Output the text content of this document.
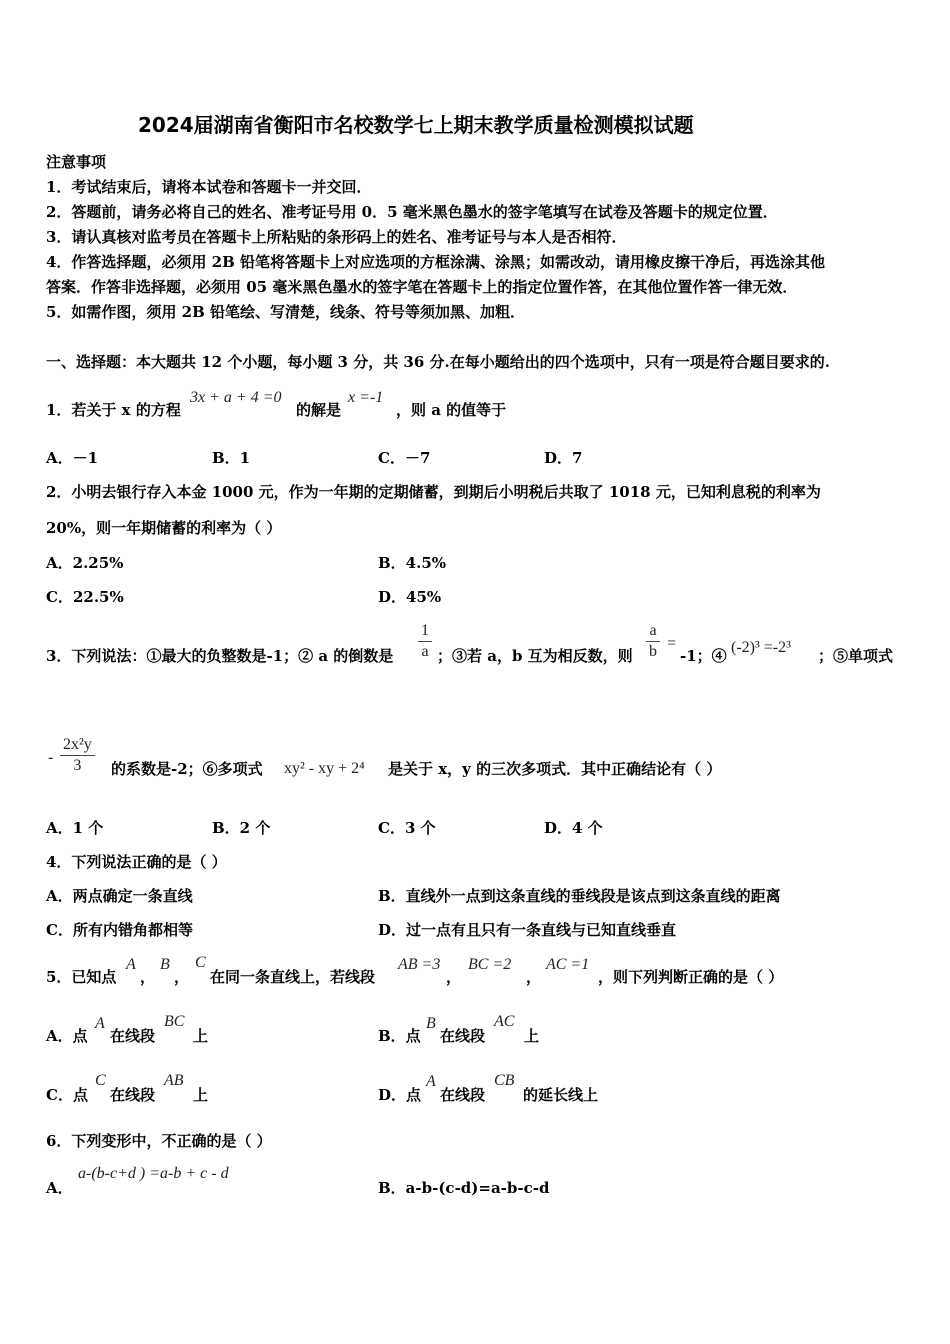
2024届湖南省衡阳市名校数学七上期末教学质量检测模拟试题
注意事项
1．考试结束后，请将本试卷和答题卡一并交回．
2．答题前，请务必将自己的姓名、准考证号用 0．5 毫米黑色墨水的签字笔填写在试卷及答题卡的规定位置．
3．请认真核对监考员在答题卡上所粘贴的条形码上的姓名、准考证号与本人是否相符．
4．作答选择题，必须用 2B 铅笔将答题卡上对应选项的方框涂满、涂黑；如需改动，请用橡皮擦干净后，再选涂其他
答案．作答非选择题，必须用 05 毫米黑色墨水的签字笔在答题卡上的指定位置作答，在其他位置作答一律无效．
5．如需作图，须用 2B 铅笔绘、写清楚，线条、符号等须加黑、加粗．
一、选择题：本大题共 12 个小题，每小题 3 分，共 36 分.在每小题给出的四个选项中，只有一项是符合题目要求的.
1．若关于 x 的方程
3x + a + 4 =0
的解是
x =-1
，则 a 的值等于
A．－1	B．1	C．－7	D．7
2．小明去银行存入本金 1000 元，作为一年期的定期储蓄，到期后小明税后共取了 1018 元，已知利息税的利率为
20%，则一年期储蓄的利率为（ ）
A．2.25%	B．4.5%
C．22.5%	D．45%
3．下列说法：①最大的负整数是-1；② a 的倒数是
1
a ；③若 a，b 互为相反数，则
a
b =
-1；④ (-2)³ =-2³ ；⑤单项式
-
2x²y
3 的系数是-2；⑥多项式 xy² - xy + 2⁴ 是关于 x，y 的三次多项式．其中正确结论有（ ）
A．1 个	B．2 个	C．3 个	D．4 个
4．下列说法正确的是（ ）
A．两点确定一条直线	B．直线外一点到这条直线的垂线段是该点到这条直线的距离
C．所有内错角都相等	D．过一点有且只有一条直线与已知直线垂直
5．已知点
A
，
B
，
C
在同一条直线上，若线段
AB =3
，
BC =2
，
AC =1
，则下列判断正确的是（ ）
A．点
A
在线段
BC
上	B．点
B
在线段
AC
上
C．点
C
在线段
AB
上	D．点
A
在线段
CB
的延长线上
6．下列变形中，不正确的是（ ）
A．
a-(b-c+d ) =a-b + c - d
B．a-b-(c-d)=a-b-c-d
